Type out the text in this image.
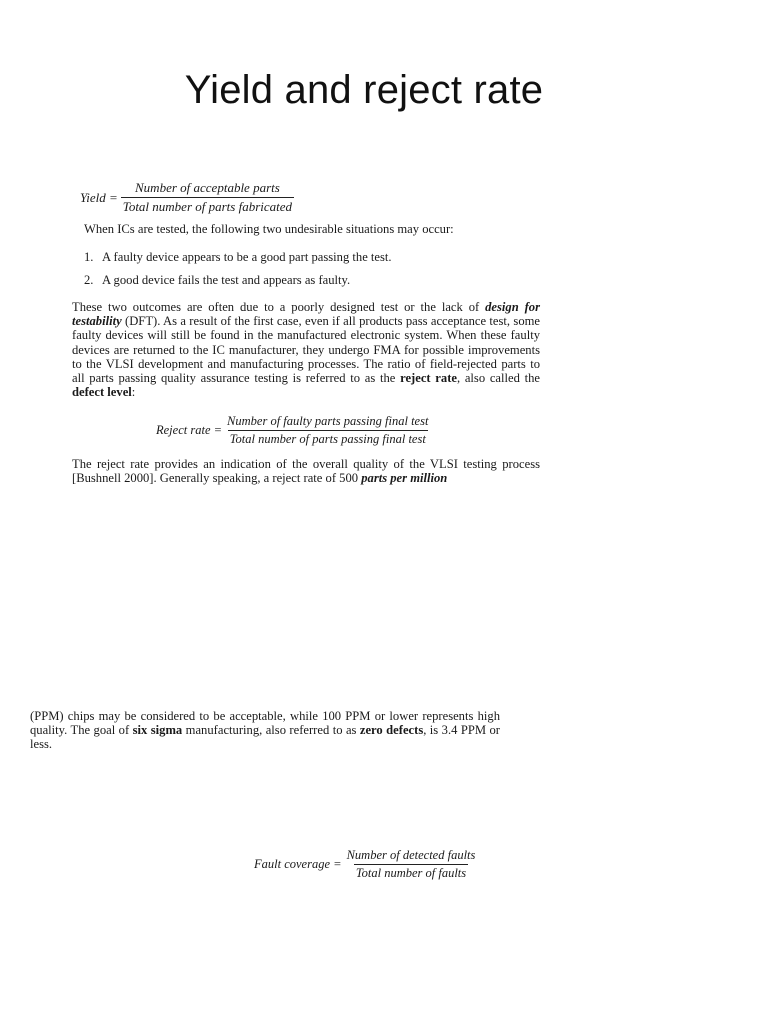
Yield and reject rate
Yield = $\frac{\text{Number of acceptable parts}}{\text{Total number of parts fabricated}}$
When ICs are tested, the following two undesirable situations may occur:
1. A faulty device appears to be a good part passing the test.
2. A good device fails the test and appears as faulty.
These two outcomes are often due to a poorly designed test or the lack of design for testability (DFT). As a result of the first case, even if all products pass acceptance test, some faulty devices will still be found in the manufactured electronic system. When these faulty devices are returned to the IC manufacturer, they undergo FMA for possible improvements to the VLSI development and manufacturing processes. The ratio of field-rejected parts to all parts passing quality assurance testing is referred to as the reject rate, also called the defect level:
Reject rate = $\frac{\text{Number of faulty parts passing final test}}{\text{Total number of parts passing final test}}$
The reject rate provides an indication of the overall quality of the VLSI testing process [Bushnell 2000]. Generally speaking, a reject rate of 500 parts per million
(PPM) chips may be considered to be acceptable, while 100 PPM or lower represents high quality. The goal of six sigma manufacturing, also referred to as zero defects, is 3.4 PPM or less.
Fault coverage = $\frac{\text{Number of detected faults}}{\text{Total number of faults}}$
